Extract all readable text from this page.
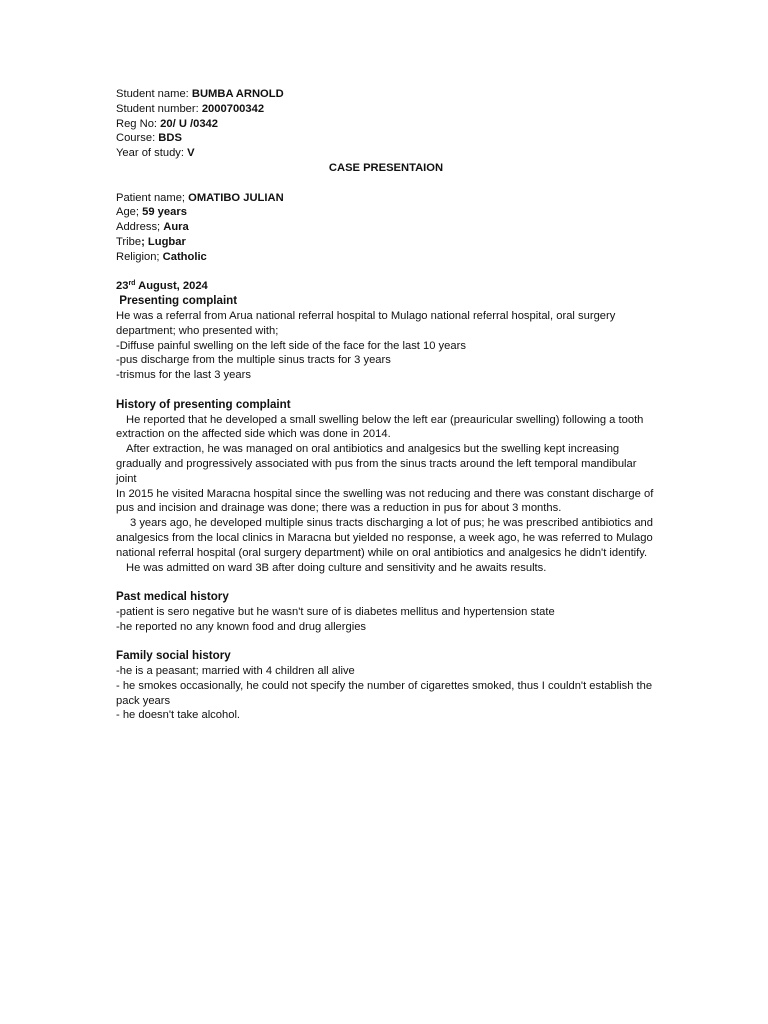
Student name: BUMBA ARNOLD
Student number: 2000700342
Reg No: 20/ U /0342
Course: BDS
Year of study: V
CASE PRESENTAION
Patient name; OMATIBO JULIAN
Age; 59 years
Address; Aura
Tribe; Lugbar
Religion; Catholic
23rd August, 2024
Presenting complaint
He was a referral from Arua national referral hospital to Mulago national referral hospital, oral surgery department; who presented with;
-Diffuse painful swelling on the left side of the face for the last 10 years
-pus discharge from the multiple sinus tracts for 3 years
-trismus for the last 3 years
History of presenting complaint
He reported that he developed a small swelling below the left ear (preauricular swelling) following a tooth extraction on the affected side which was done in 2014.
After extraction, he was managed on oral antibiotics and analgesics but the swelling kept increasing gradually and progressively associated with pus from the sinus tracts around the left temporal mandibular joint
In 2015 he visited Maracna hospital since the swelling was not reducing and there was constant discharge of pus and incision and drainage was done; there was a reduction in pus for about 3 months.
3 years ago, he developed multiple sinus tracts discharging a lot of pus; he was prescribed antibiotics and analgesics from the local clinics in Maracna but yielded no response, a week ago, he was referred to Mulago national referral hospital (oral surgery department) while on oral antibiotics and analgesics he didn't identify.
He was admitted on ward 3B after doing culture and sensitivity and he awaits results.
Past medical history
-patient is sero negative but he wasn't sure of is diabetes mellitus and hypertension state
-he reported no any known food and drug allergies
Family social history
-he is a peasant; married with 4 children all alive
- he smokes occasionally, he could not specify the number of cigarettes smoked, thus I couldn't establish the pack years
- he doesn't take alcohol.
